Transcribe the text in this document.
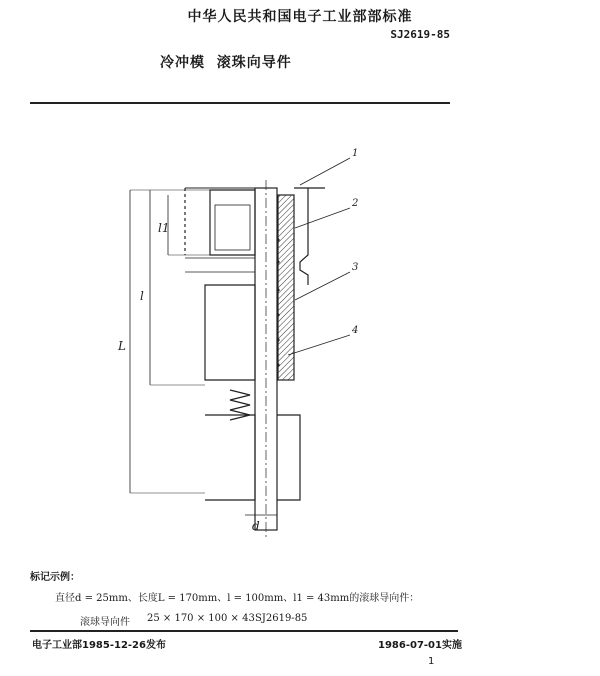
中华人民共和国电子工业部部标准
SJ2619-85
冷冲模 滚珠向导件
1
2
3
4
L
l
l1
d
标记示例：
直径d = 25mm、长度L = 170mm、l = 100mm、l1 = 43mm的滚球导向件：
滚球导向件 25 × 170 × 100 × 43 SJ2619-85
电子工业部1985-12-26发布	1986-07-01实施
1
